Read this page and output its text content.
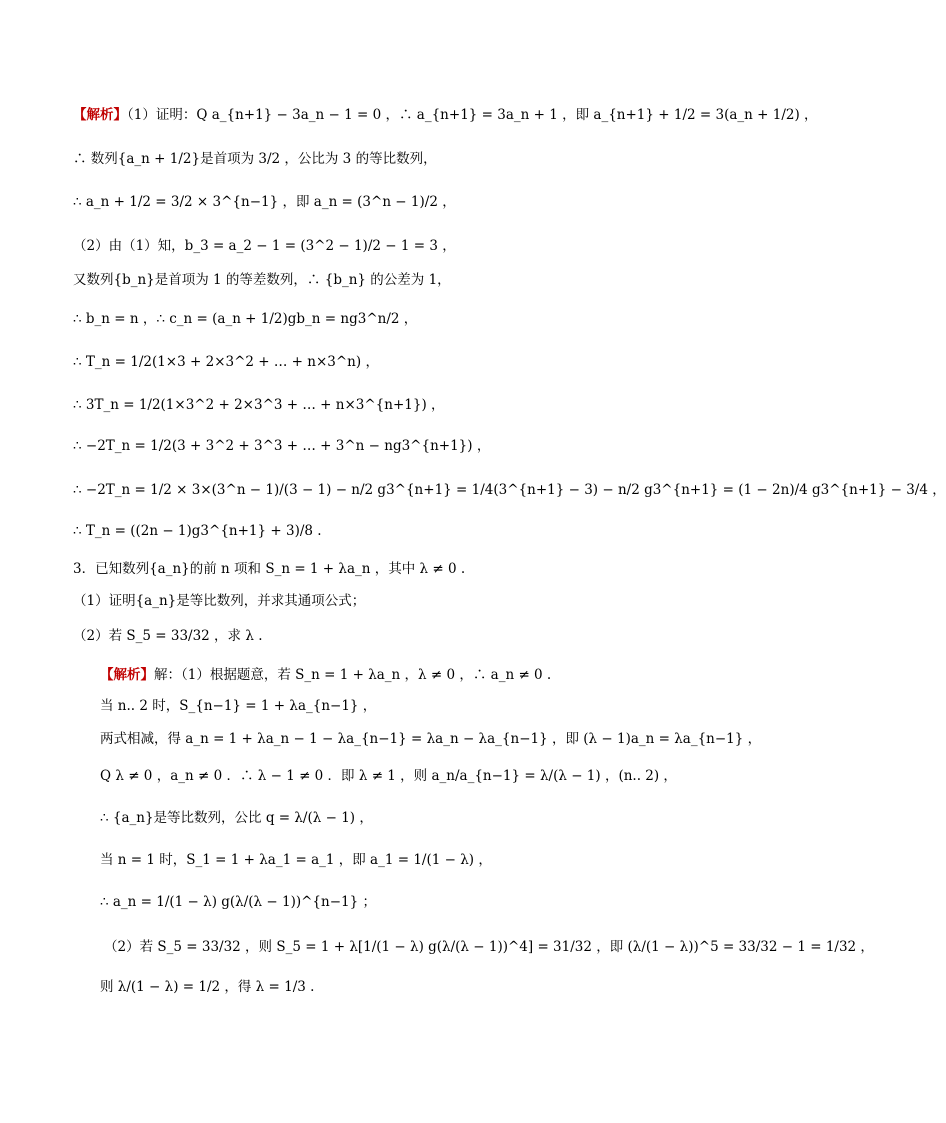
【解析】（1）证明：Q a_{n+1} − 3a_n − 1 = 0 ，∴ a_{n+1} = 3a_n + 1 ，即 a_{n+1} + 1/2 = 3(a_n + 1/2) ，
∴ 数列{a_n + 1/2}是首项为 3/2 ，公比为 3 的等比数列，
∴ a_n + 1/2 = 3/2 × 3^{n−1} ，即 a_n = (3^n − 1)/2 ，
（2）由（1）知，b_3 = a_2 − 1 = (3^2 − 1)/2 − 1 = 3 ，
又数列{b_n}是首项为 1 的等差数列，∴ {b_n} 的公差为 1，
∴ b_n = n ，∴ c_n = (a_n + 1/2)gb_n = ng3^n/2 ，
∴ T_n = 1/2(1×3 + 2×3^2 + … + n×3^n) ，
∴ 3T_n = 1/2(1×3^2 + 2×3^3 + … + n×3^{n+1}) ，
∴ −2T_n = 1/2(3 + 3^2 + 3^3 + … + 3^n − ng3^{n+1}) ，
∴ −2T_n = 1/2 × 3×(3^n − 1)/(3 − 1) − n/2 g3^{n+1} = 1/4(3^{n+1} − 3) − n/2 g3^{n+1} = (1 − 2n)/4 g3^{n+1} − 3/4 ，
∴ T_n = ((2n − 1)g3^{n+1} + 3)/8 .
3．已知数列{a_n}的前 n 项和 S_n = 1 + λa_n ，其中 λ ≠ 0 .
（1）证明{a_n}是等比数列，并求其通项公式；
（2）若 S_5 = 33/32 ，求 λ .
【解析】解：（1）根据题意，若 S_n = 1 + λa_n ，λ ≠ 0 ，∴ a_n ≠ 0 .
当 n.. 2 时，S_{n−1} = 1 + λa_{n−1} ，
两式相减，得 a_n = 1 + λa_n − 1 − λa_{n−1} = λa_n − λa_{n−1} ，即 (λ − 1)a_n = λa_{n−1} ，
Q λ ≠ 0 ，a_n ≠ 0 ．∴ λ − 1 ≠ 0 ．即 λ ≠ 1 ，则 a_n/a_{n−1} = λ/(λ − 1) ，(n.. 2) ，
∴ {a_n}是等比数列，公比 q = λ/(λ − 1) ，
当 n = 1 时，S_1 = 1 + λa_1 = a_1 ，即 a_1 = 1/(1 − λ) ，
∴ a_n = 1/(1 − λ) g(λ/(λ − 1))^{n−1} ；
（2）若 S_5 = 33/32 ，则 S_5 = 1 + λ[1/(1 − λ) g(λ/(λ − 1))^4] = 31/32 ，即 (λ/(1 − λ))^5 = 33/32 − 1 = 1/32 ，
则 λ/(1 − λ) = 1/2 ，得 λ = 1/3 .
